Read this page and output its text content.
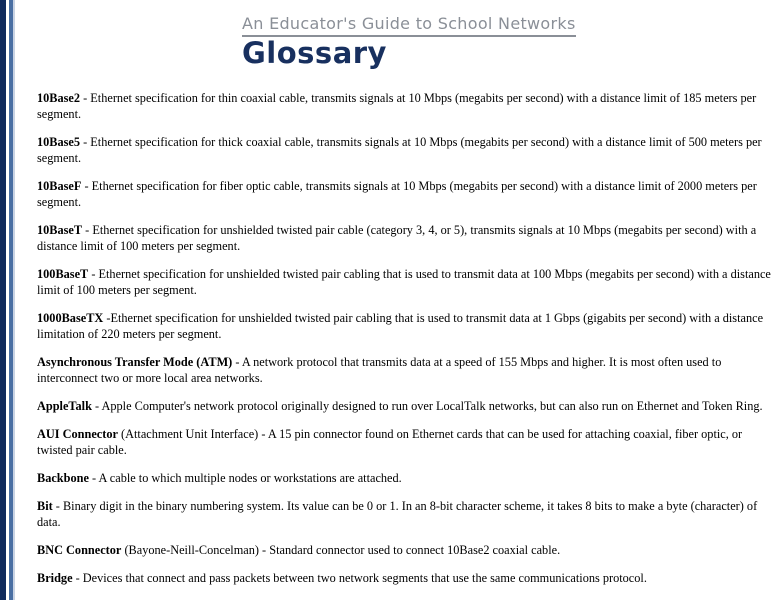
An Educator's Guide to School Networks
Glossary

10Base2 - Ethernet specification for thin coaxial cable, transmits signals at 10 Mbps (megabits per second) with a distance limit of 185 meters per segment.

10Base5 - Ethernet specification for thick coaxial cable, transmits signals at 10 Mbps (megabits per second) with a distance limit of 500 meters per segment.

10BaseF - Ethernet specification for fiber optic cable, transmits signals at 10 Mbps (megabits per second) with a distance limit of 2000 meters per segment.

10BaseT - Ethernet specification for unshielded twisted pair cable (category 3, 4, or 5), transmits signals at 10 Mbps (megabits per second) with a distance limit of 100 meters per segment.

100BaseT - Ethernet specification for unshielded twisted pair cabling that is used to transmit data at 100 Mbps (megabits per second) with a distance limit of 100 meters per segment.

1000BaseTX -Ethernet specification for unshielded twisted pair cabling that is used to transmit data at 1 Gbps (gigabits per second) with a distance limitation of 220 meters per segment.

Asynchronous Transfer Mode (ATM) - A network protocol that transmits data at a speed of 155 Mbps and higher. It is most often used to interconnect two or more local area networks.

AppleTalk - Apple Computer's network protocol originally designed to run over LocalTalk networks, but can also run on Ethernet and Token Ring.

AUI Connector (Attachment Unit Interface) - A 15 pin connector found on Ethernet cards that can be used for attaching coaxial, fiber optic, or twisted pair cable.

Backbone - A cable to which multiple nodes or workstations are attached.

Bit - Binary digit in the binary numbering system. Its value can be 0 or 1. In an 8-bit character scheme, it takes 8 bits to make a byte (character) of data.

BNC Connector (Bayone-Neill-Concelman) - Standard connector used to connect 10Base2 coaxial cable.

Bridge - Devices that connect and pass packets between two network segments that use the same communications protocol.
